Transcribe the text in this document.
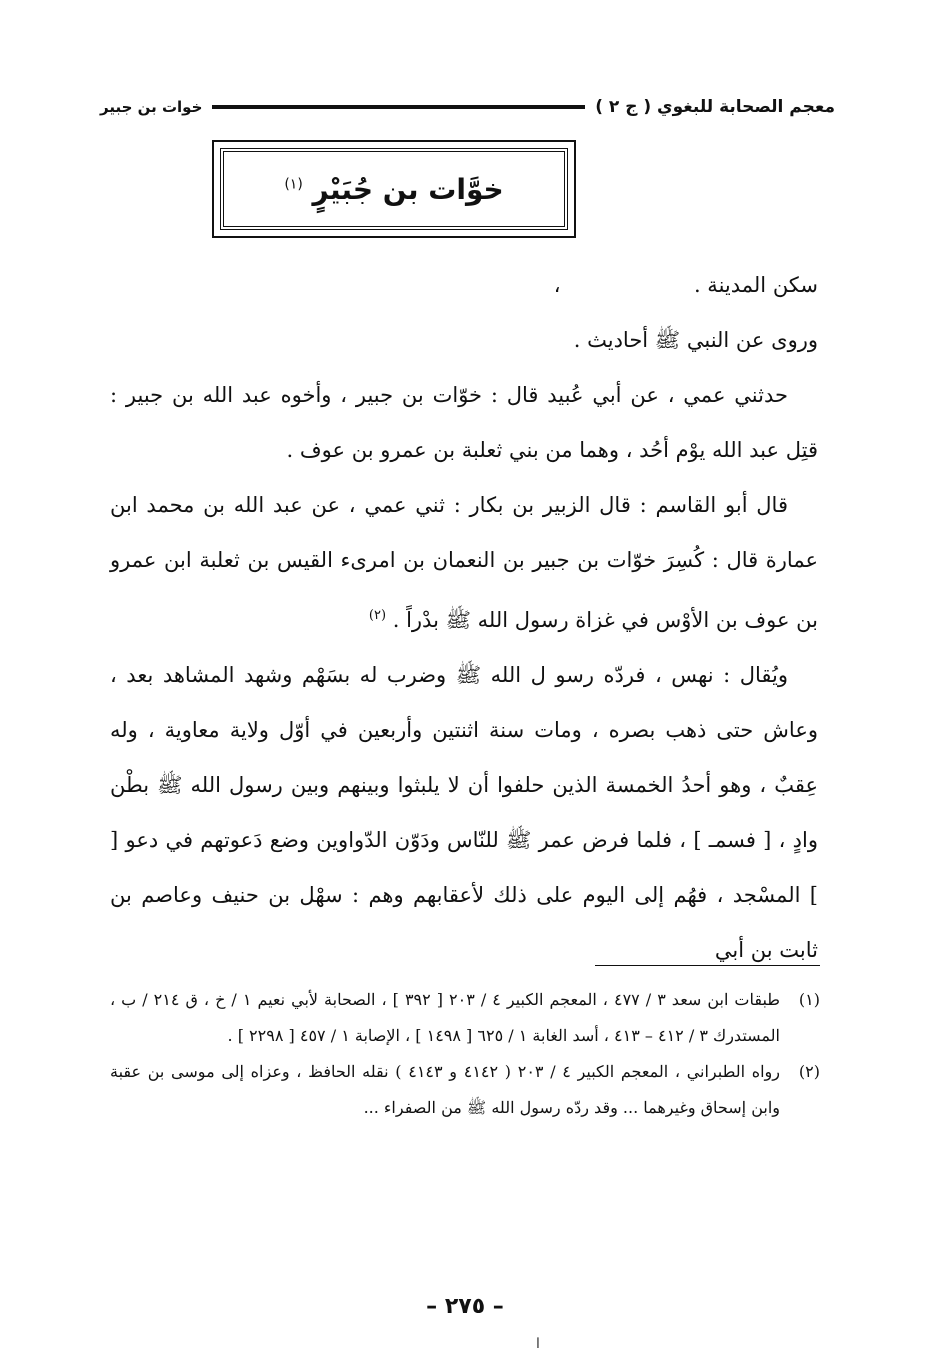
معجم الصحابة للبغوي ( ج ٢ )
خوات بن جبير
خوَّات بن جُبَيْرٍ $^{(١)}$

سكن المدينة .  ،

وروى عن النبي ﷺ أحاديث .

حدثني عمي ، عن أبي عُبيد قال : خوّات بن جبير ، وأخوه عبد الله بن جبير : قتِل عبد الله يوْم أحُد ، وهما من بني ثعلبة بن عمرو بن عوف .

قال أبو القاسم : قال الزبير بن بكار : ثني عمي ، عن عبد الله بن محمد ابن عمارة قال : كُسِرَ خوّات بن جبير بن النعمان بن امرىء القيس بن ثعلبة ابن عمرو بن عوف بن الأوْس في غزاة رسول الله ﷺ بدْراً . $^{(٢)}$

ويُقال : نهس ، فردّه رسو ل الله ﷺ وضرب له بسَهْم وشهد المشاهد بعد ، وعاش حتى ذهب بصره ، ومات سنة اثنتين وأربعين في أوّل ولاية معاوية ، وله عِقبٌ ، وهو أحدُ الخمسة الذين حلفوا أن لا يلبثوا وبينهم وبين رسول الله ﷺ بطْن وادٍ ، [ فسمـ ] ، فلما فرض عمر ﷺ للنّاس ودَوّن الدّواوين وضع دَعوتهم في دعو [ ] المسْجد ، فهُم إلى اليوم على ذلك لأعقابهم وهم : سهْل بن حنيف وعاصم بن ثابت بن أبي

(١)
طبقات ابن سعد ٣ / ٤٧٧ ، المعجم الكبير ٤ / ٢٠٣ [ ٣٩٢ ] ، الصحابة لأبي نعيم ١ / خ ، ق ٢١٤ / ب ، المستدرك ٣ / ٤١٢ – ٤١٣ ، أسد الغابة ١ / ٦٢٥ [ ١٤٩٨ ] ، الإصابة ١ / ٤٥٧ [ ٢٢٩٨ ] .
(٢)
رواه الطبراني ، المعجم الكبير ٤ / ٢٠٣ ( ٤١٤٢ و ٤١٤٣ ) نقله الحافظ ، وعزاه إلى موسى بن عقبة وابن إسحاق وغيرهما ... وقد ردّه رسول الله ﷺ من الصفراء ...
– ٢٧٥ –
ا
